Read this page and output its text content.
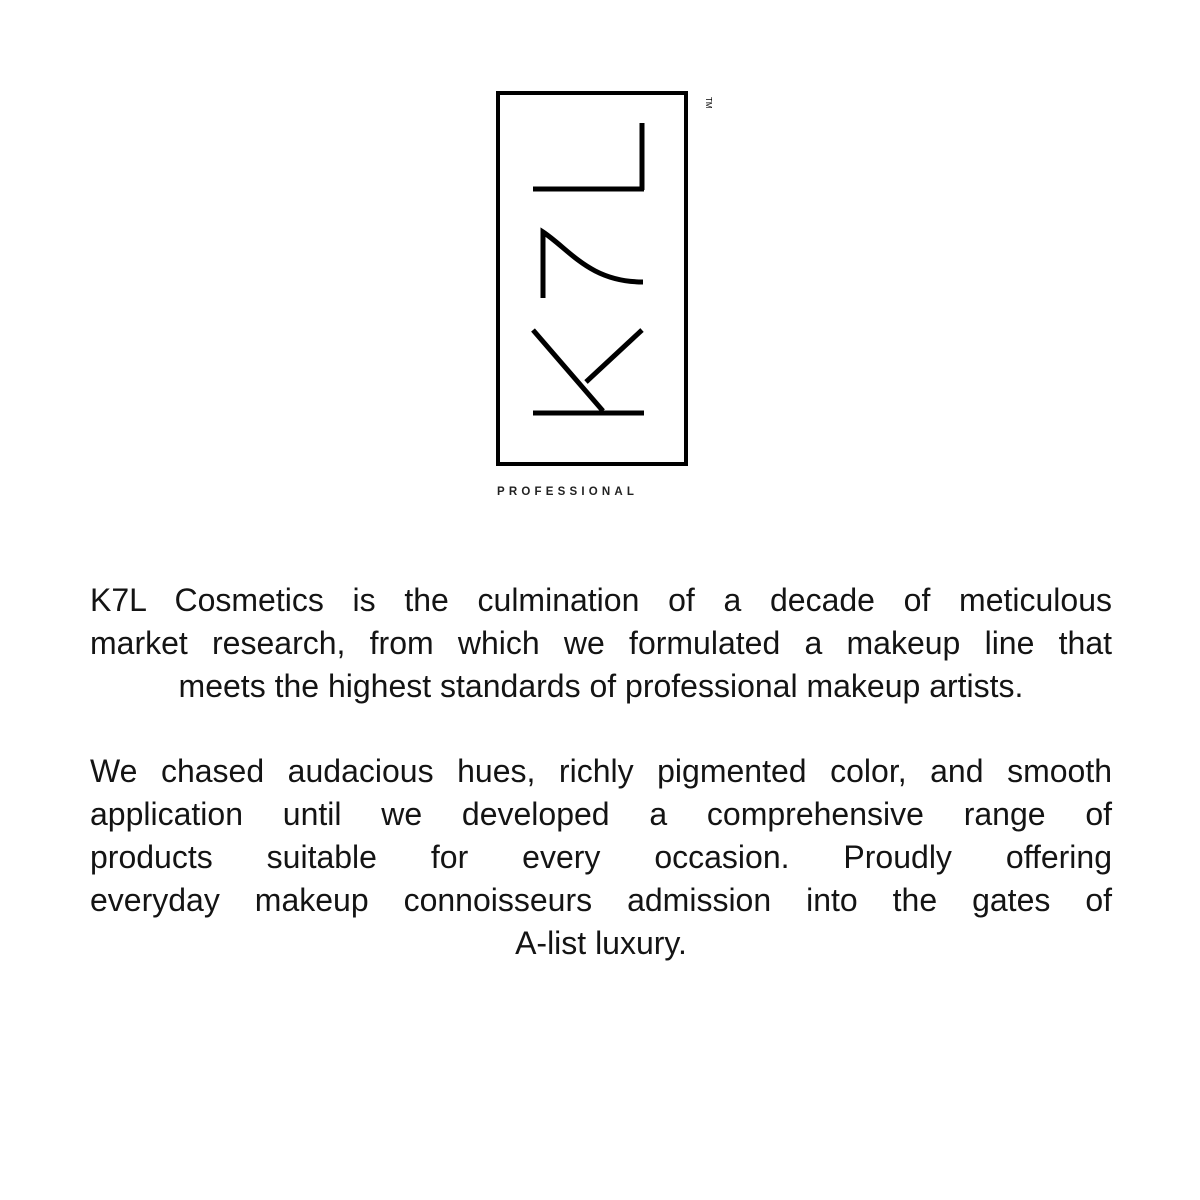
TM
PROFESSIONAL
K7L Cosmetics is the culmination of a decade of meticulous
market research, from which we formulated a makeup line that
meets the highest standards of professional makeup artists.
We chased audacious hues, richly pigmented color, and smooth
application until we developed a comprehensive range of
products suitable for every occasion. Proudly offering
everyday makeup connoisseurs admission into the gates of
A-list luxury.
